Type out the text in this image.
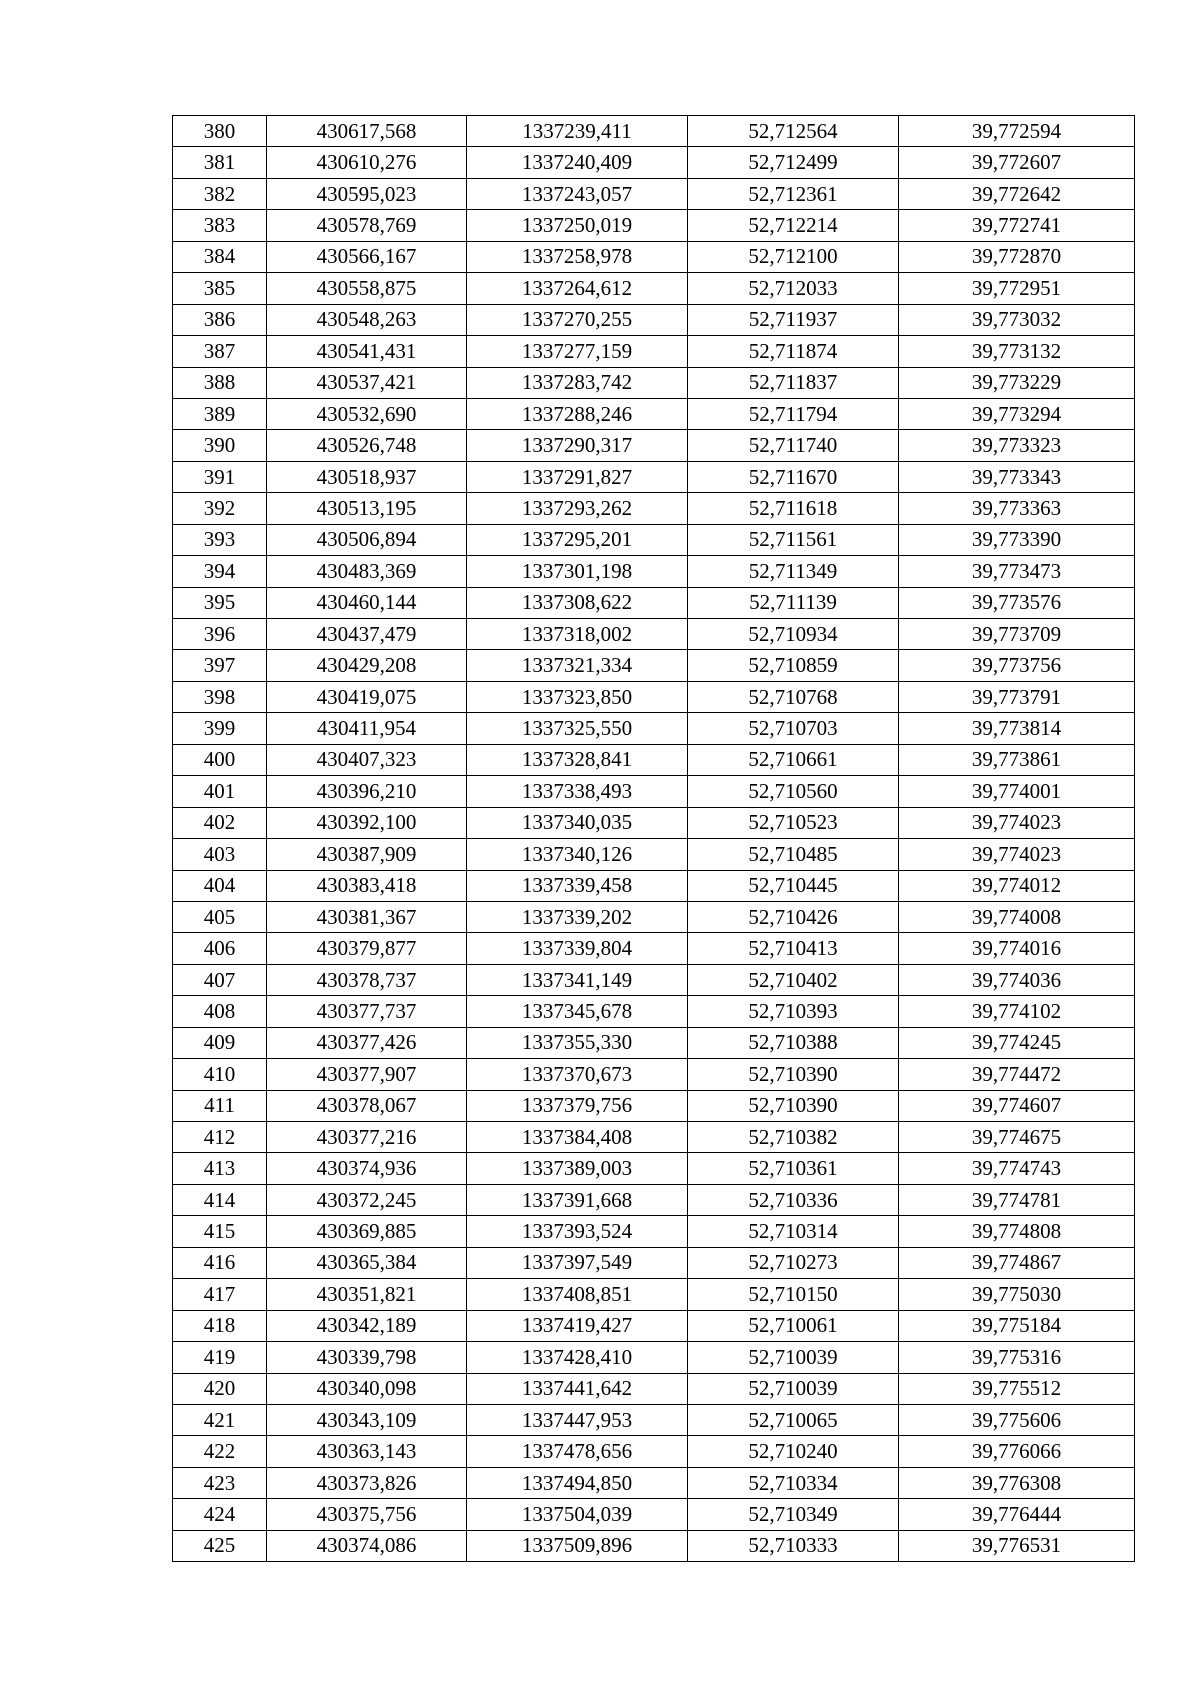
380	430617,568	1337239,411	52,712564	39,772594
381	430610,276	1337240,409	52,712499	39,772607
382	430595,023	1337243,057	52,712361	39,772642
383	430578,769	1337250,019	52,712214	39,772741
384	430566,167	1337258,978	52,712100	39,772870
385	430558,875	1337264,612	52,712033	39,772951
386	430548,263	1337270,255	52,711937	39,773032
387	430541,431	1337277,159	52,711874	39,773132
388	430537,421	1337283,742	52,711837	39,773229
389	430532,690	1337288,246	52,711794	39,773294
390	430526,748	1337290,317	52,711740	39,773323
391	430518,937	1337291,827	52,711670	39,773343
392	430513,195	1337293,262	52,711618	39,773363
393	430506,894	1337295,201	52,711561	39,773390
394	430483,369	1337301,198	52,711349	39,773473
395	430460,144	1337308,622	52,711139	39,773576
396	430437,479	1337318,002	52,710934	39,773709
397	430429,208	1337321,334	52,710859	39,773756
398	430419,075	1337323,850	52,710768	39,773791
399	430411,954	1337325,550	52,710703	39,773814
400	430407,323	1337328,841	52,710661	39,773861
401	430396,210	1337338,493	52,710560	39,774001
402	430392,100	1337340,035	52,710523	39,774023
403	430387,909	1337340,126	52,710485	39,774023
404	430383,418	1337339,458	52,710445	39,774012
405	430381,367	1337339,202	52,710426	39,774008
406	430379,877	1337339,804	52,710413	39,774016
407	430378,737	1337341,149	52,710402	39,774036
408	430377,737	1337345,678	52,710393	39,774102
409	430377,426	1337355,330	52,710388	39,774245
410	430377,907	1337370,673	52,710390	39,774472
411	430378,067	1337379,756	52,710390	39,774607
412	430377,216	1337384,408	52,710382	39,774675
413	430374,936	1337389,003	52,710361	39,774743
414	430372,245	1337391,668	52,710336	39,774781
415	430369,885	1337393,524	52,710314	39,774808
416	430365,384	1337397,549	52,710273	39,774867
417	430351,821	1337408,851	52,710150	39,775030
418	430342,189	1337419,427	52,710061	39,775184
419	430339,798	1337428,410	52,710039	39,775316
420	430340,098	1337441,642	52,710039	39,775512
421	430343,109	1337447,953	52,710065	39,775606
422	430363,143	1337478,656	52,710240	39,776066
423	430373,826	1337494,850	52,710334	39,776308
424	430375,756	1337504,039	52,710349	39,776444
425	430374,086	1337509,896	52,710333	39,776531
